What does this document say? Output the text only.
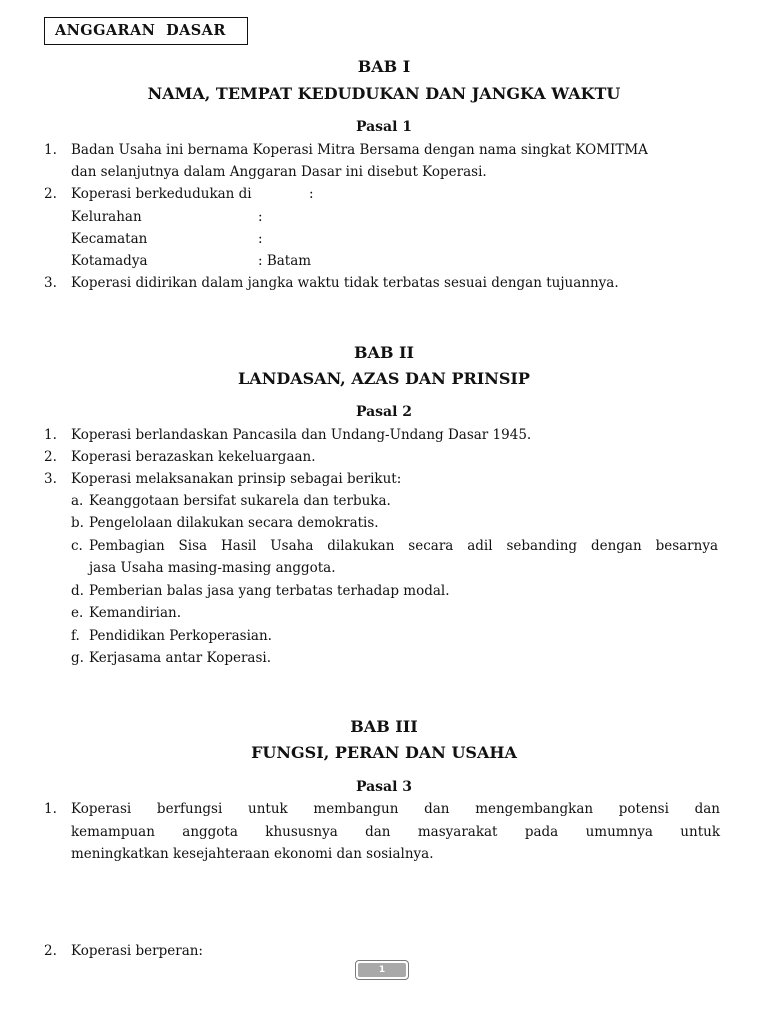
ANGGARAN  DASAR
BAB I
NAMA, TEMPAT KEDUDUKAN DAN JANGKA WAKTU
Pasal 1
1. Badan Usaha ini bernama Koperasi Mitra Bersama dengan nama singkat KOMITMA
dan selanjutnya dalam Anggaran Dasar ini disebut Koperasi.
2. Koperasi berkedudukan di	:
Kelurahan	:
Kecamatan	:
Kotamadya	: Batam
3. Koperasi didirikan dalam jangka waktu tidak terbatas sesuai dengan tujuannya.
BAB II
LANDASAN, AZAS DAN PRINSIP
Pasal 2
1. Koperasi berlandaskan Pancasila dan Undang-Undang Dasar 1945.
2. Koperasi berazaskan kekeluargaan.
3. Koperasi melaksanakan prinsip sebagai berikut:
a. Keanggotaan bersifat sukarela dan terbuka.
b. Pengelolaan dilakukan secara demokratis.
c. Pembagian Sisa Hasil Usaha dilakukan secara adil sebanding dengan besarnya
jasa Usaha masing-masing anggota.
d. Pemberian balas jasa yang terbatas terhadap modal.
e. Kemandirian.
f. Pendidikan Perkoperasian.
g. Kerjasama antar Koperasi.
BAB III
FUNGSI, PERAN DAN USAHA
Pasal 3
1. Koperasi berfungsi untuk membangun dan mengembangkan potensi dan
kemampuan anggota khususnya dan masyarakat pada umumnya untuk
meningkatkan kesejahteraan ekonomi dan sosialnya.
2. Koperasi berperan:
1
